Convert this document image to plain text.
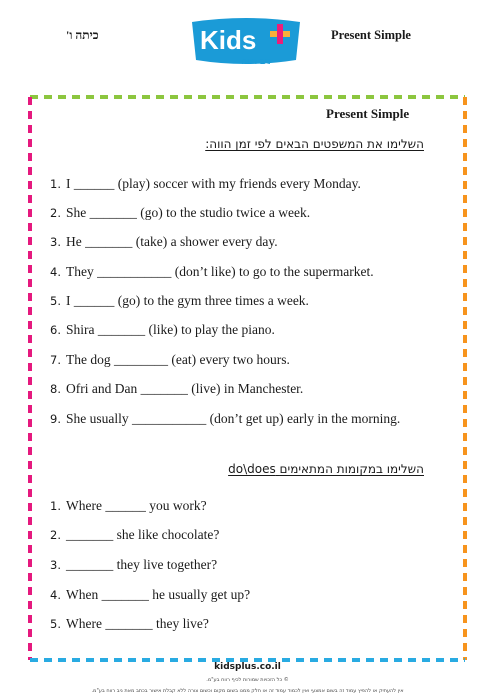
כיתה ו'	Kids
ניב רווח
Present Simple
Present Simple
השלימו את המשפטים הבאים לפי זמן הווה:
1. I ______ (play) soccer with my friends every Monday.
2. She _______ (go) to the studio twice a week.
3. He _______ (take) a shower every day.
4. They ___________ (don’t like) to go to the supermarket.
5. I ______ (go) to the gym three times a week.
6. Shira _______ (like) to play the piano.
7. The dog ________ (eat) every two hours.
8. Ofri and Dan _______ (live) in Manchester.
9. She usually ___________ (don’t get up) early in the morning.
השלימו במקומות המתאימים do\does
1. Where ______ you work?
2. _______ she like chocolate?
3. _______ they live together?
4. When _______ he usually get up?
5. Where _______ they live?
kidsplus.co.il
© כל הזכויות שמורות לכיף רווח בע"מ.
אין להעתיק או להפיץ עמוד זה בשום אמצעי ואין לכמוד עמוד זה או חלק ממנו בשום מקום וכשום צורה ללא קבלת אישור בכתב מאת ניב רווח בע"מ.
